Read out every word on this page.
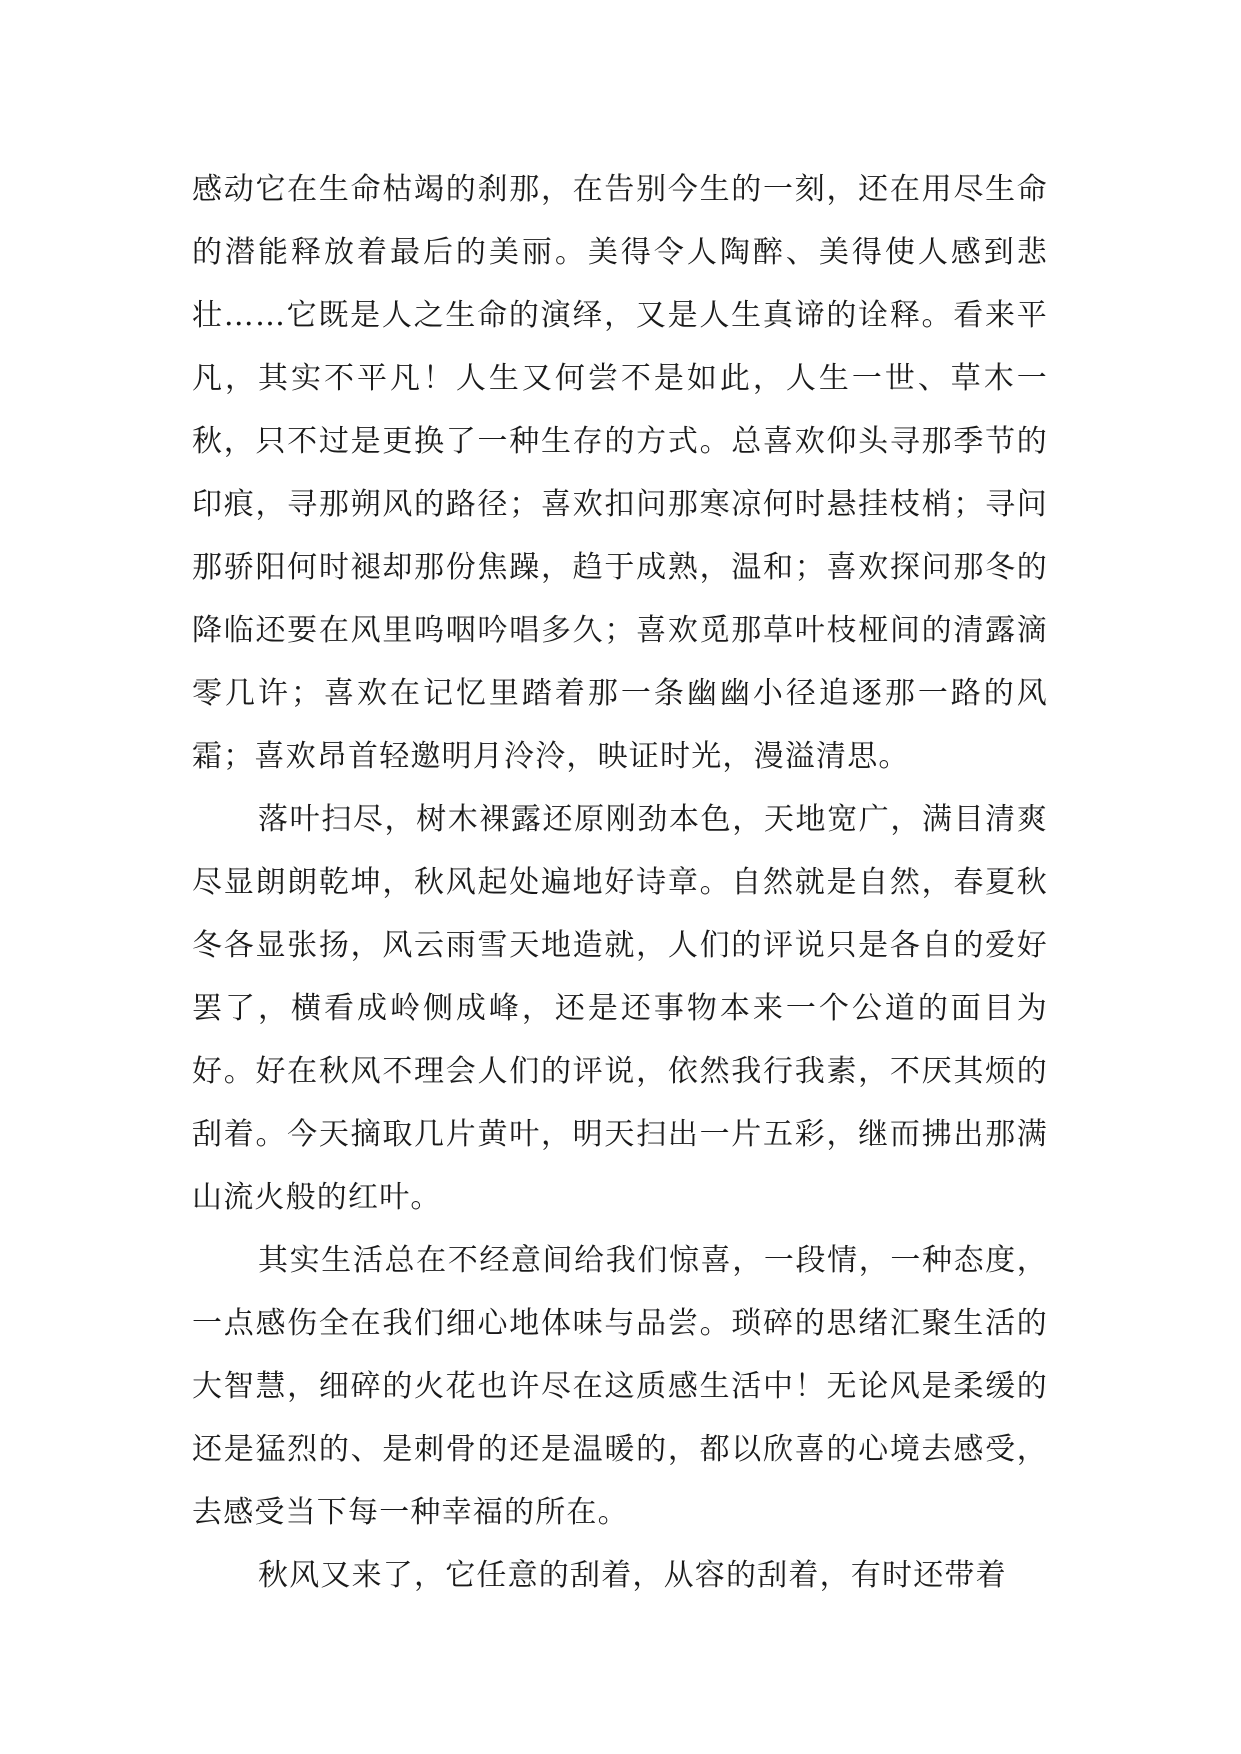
感动它在生命枯竭的刹那，在告别今生的一刻，还在用尽生命的潜能释放着最后的美丽。美得令人陶醉、美得使人感到悲壮……它既是人之生命的演绎，又是人生真谛的诠释。看来平凡，其实不平凡！人生又何尝不是如此，人生一世、草木一秋，只不过是更换了一种生存的方式。总喜欢仰头寻那季节的印痕，寻那朔风的路径；喜欢扣问那寒凉何时悬挂枝梢；寻问那骄阳何时褪却那份焦躁，趋于成熟，温和；喜欢探问那冬的降临还要在风里呜咽吟唱多久；喜欢觅那草叶枝桠间的清露滴零几许；喜欢在记忆里踏着那一条幽幽小径追逐那一路的风霜；喜欢昂首轻邀明月泠泠，映证时光，漫溢清思。

落叶扫尽，树木裸露还原刚劲本色，天地宽广，满目清爽尽显朗朗乾坤，秋风起处遍地好诗章。自然就是自然，春夏秋冬各显张扬，风云雨雪天地造就，人们的评说只是各自的爱好罢了，横看成岭侧成峰，还是还事物本来一个公道的面目为好。好在秋风不理会人们的评说，依然我行我素，不厌其烦的刮着。今天摘取几片黄叶，明天扫出一片五彩，继而拂出那满山流火般的红叶。

其实生活总在不经意间给我们惊喜，一段情，一种态度，一点感伤全在我们细心地体味与品尝。琐碎的思绪汇聚生活的大智慧，细碎的火花也许尽在这质感生活中！无论风是柔缓的还是猛烈的、是刺骨的还是温暖的，都以欣喜的心境去感受，去感受当下每一种幸福的所在。

秋风又来了，它任意的刮着，从容的刮着，有时还带着
